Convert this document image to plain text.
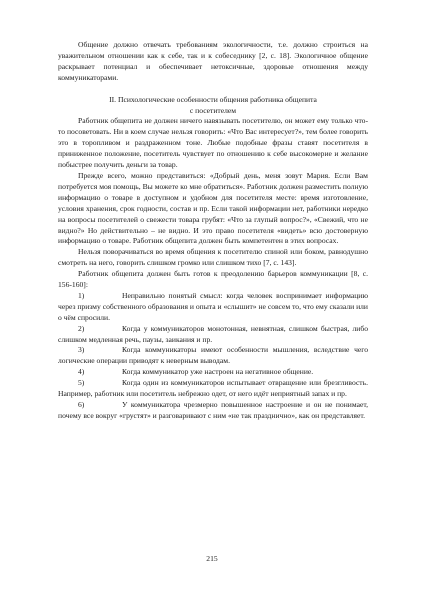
Общение должно отвечать требованиям экологичности, т.е. должно строиться на уважительном отношении как к себе, так и к собеседнику [2, с. 18]. Экологичное общение раскрывает потенциал и обеспечивает нетоксичные, здоровые отношения между коммуникаторами.

II. Психологические особенности общения работника общепита

с посетителем

Работник общепита не должен ничего навязывать посетителю, он может ему только что-то посоветовать. Ни в коем случае нельзя говорить: «Что Вас интересует?», тем более говорить это в торопливом и раздраженном тоне. Любые подобные фразы ставят посетителя в приниженное положение, посетитель чувствует по отношению к себе высокомерие и желание побыстрее получить деньги за товар.

Прежде всего, можно представиться: «Добрый день, меня зовут Мария. Если Вам потребуется моя помощь, Вы можете ко мне обратиться». Работник должен разместить полную информацию о товаре в доступном и удобном для посетителя месте: время изготовление, условия хранения, срок годности, состав и пр. Если такой информации нет, работники нередко на вопросы посетителей о свежести товара грубят: «Что за глупый вопрос?», «Свежий, что не видно?» Но действительно – не видно. И это право посетителя «видеть» всю достоверную информацию о товаре. Работник общепита должен быть компетентен в этих вопросах.

Нельзя поворачиваться во время общения к посетителю спиной или боком, равнодушно смотреть на него, говорить слишком громко или слишком тихо [7, с. 143].

Работник общепита должен быть готов к преодолению барьеров коммуникации [8, с. 156-160]:

1)	Неправильно понятый смысл: когда человек воспринимает информацию через призму собственного образования и опыта и «слышит» не совсем то, что ему сказали или о чём спросили.
2)	Когда у коммуникаторов монотонная, невнятная, слишком быстрая, либо слишком медленная речь, паузы, заикания и пр.
3)	Когда коммуникаторы имеют особенности мышления, вследствие чего логические операции приводят к неверным выводам.
4)	Когда коммуникатор уже настроен на негативное общение.
5)	Когда один из коммуникаторов испытывает отвращение или брезгливость. Например, работник или посетитель небрежно одет, от него идёт неприятный запах и пр.
6)	У коммуникатора чрезмерно повышенное настроение и он не понимает, почему все вокруг «грустят» и разговаривают с ним «не так празднично», как он представляет.
215
